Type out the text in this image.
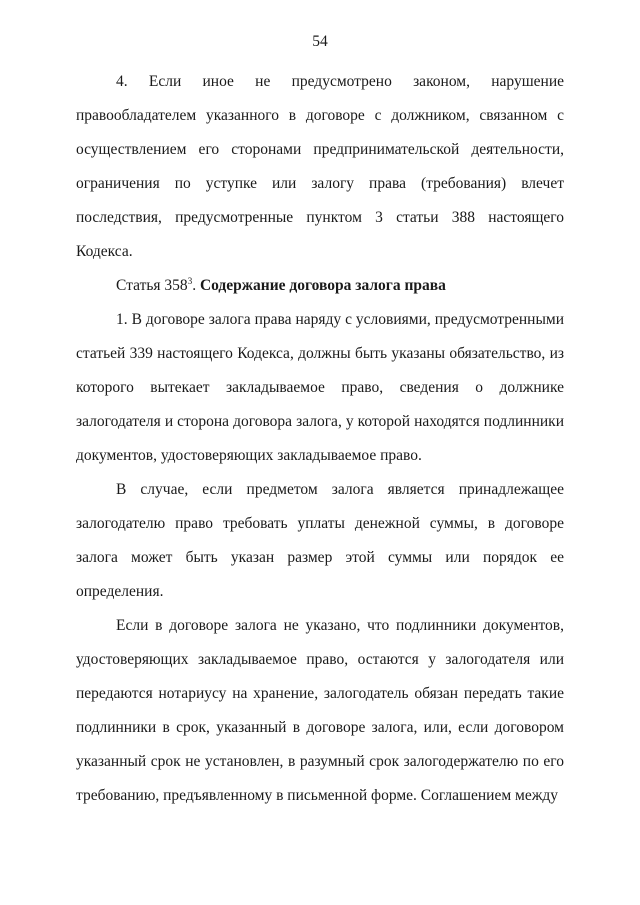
54

4. Если иное не предусмотрено законом, нарушение правообладателем указанного в договоре с должником, связанном с осуществлением его сторонами предпринимательской деятельности, ограничения по уступке или залогу права (требования) влечет последствия, предусмотренные пунктом 3 статьи 388 настоящего Кодекса.

Статья $358^3$. Содержание договора залога права

1. В договоре залога права наряду с условиями, предусмотренными статьей 339 настоящего Кодекса, должны быть указаны обязательство, из которого вытекает закладываемое право, сведения о должнике залогодателя и сторона договора залога, у которой находятся подлинники документов, удостоверяющих закладываемое право.

В случае, если предметом залога является принадлежащее залогодателю право требовать уплаты денежной суммы, в договоре залога может быть указан размер этой суммы или порядок ее определения.

Если в договоре залога не указано, что подлинники документов, удостоверяющих закладываемое право, остаются у залогодателя или передаются нотариусу на хранение, залогодатель обязан передать такие подлинники в срок, указанный в договоре залога, или, если договором указанный срок не установлен, в разумный срок залогодержателю по его требованию, предъявленному в письменной форме. Соглашением между
